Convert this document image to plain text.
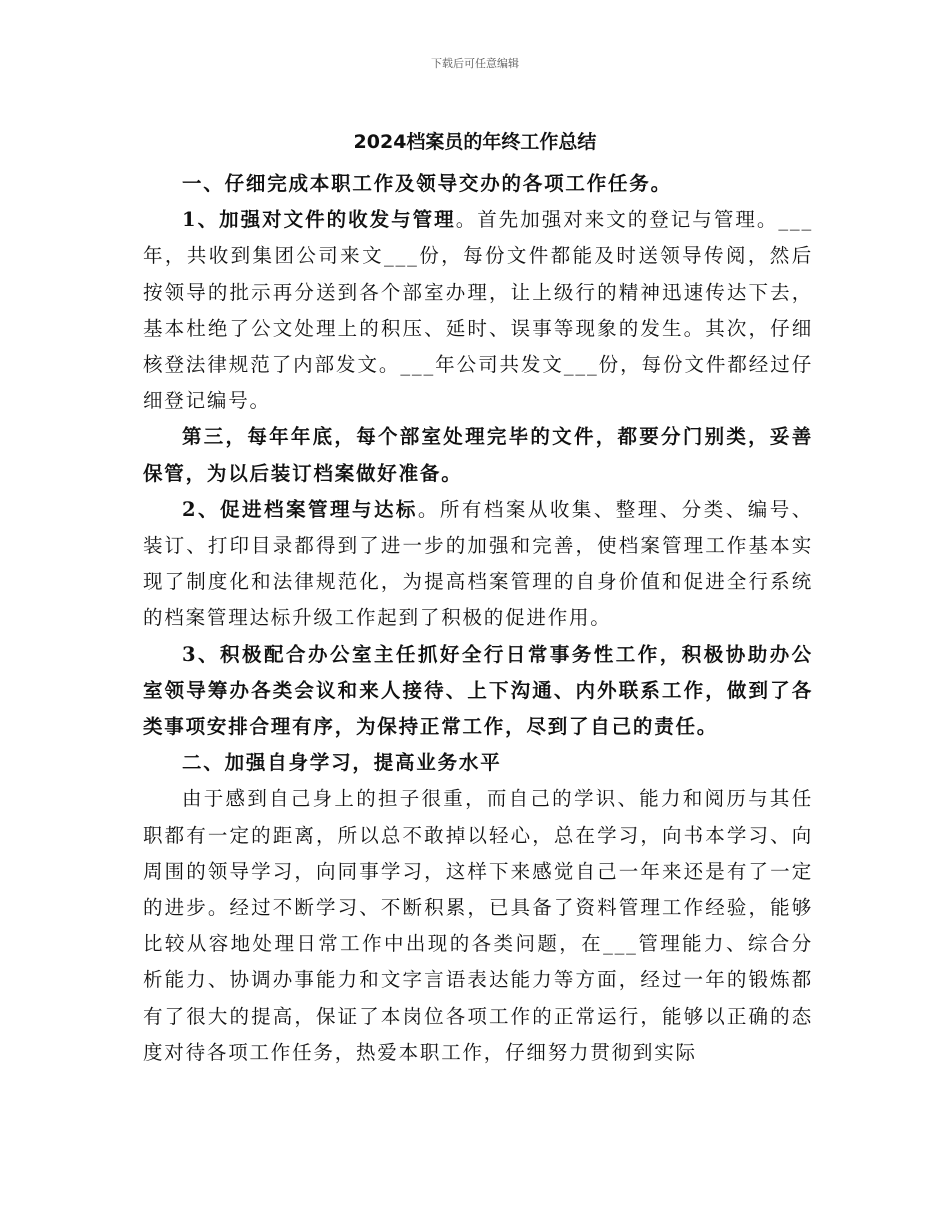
下载后可任意编辑
2024档案员的年终工作总结

一、仔细完成本职工作及领导交办的各项工作任务。

1、加强对文件的收发与管理。首先加强对来文的登记与管理。___年，共收到集团公司来文___份，每份文件都能及时送领导传阅，然后按领导的批示再分送到各个部室办理，让上级行的精神迅速传达下去，基本杜绝了公文处理上的积压、延时、误事等现象的发生。其次，仔细核登法律规范了内部发文。___年公司共发文___份，每份文件都经过仔细登记编号。

第三，每年年底，每个部室处理完毕的文件，都要分门别类，妥善保管，为以后装订档案做好准备。

2、促进档案管理与达标。所有档案从收集、整理、分类、编号、装订、打印目录都得到了进一步的加强和完善，使档案管理工作基本实现了制度化和法律规范化，为提高档案管理的自身价值和促进全行系统的档案管理达标升级工作起到了积极的促进作用。

3、积极配合办公室主任抓好全行日常事务性工作，积极协助办公室领导筹办各类会议和来人接待、上下沟通、内外联系工作，做到了各类事项安排合理有序，为保持正常工作，尽到了自己的责任。

二、加强自身学习，提高业务水平

由于感到自己身上的担子很重，而自己的学识、能力和阅历与其任职都有一定的距离，所以总不敢掉以轻心，总在学习，向书本学习、向周围的领导学习，向同事学习，这样下来感觉自己一年来还是有了一定的进步。经过不断学习、不断积累，已具备了资料管理工作经验，能够比较从容地处理日常工作中出现的各类问题，在___管理能力、综合分析能力、协调办事能力和文字言语表达能力等方面，经过一年的锻炼都有了很大的提高，保证了本岗位各项工作的正常运行，能够以正确的态度对待各项工作任务，热爱本职工作，仔细努力贯彻到实际
